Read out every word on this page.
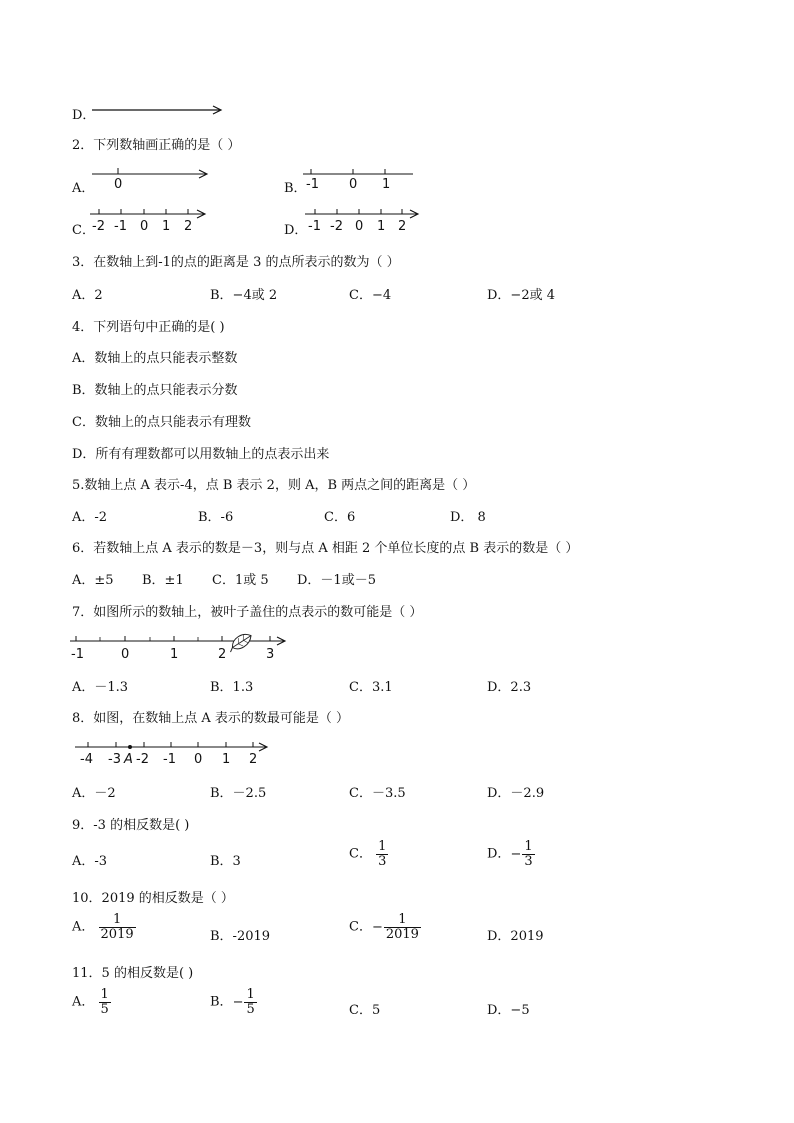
D．
2．下列数轴画正确的是（ ）
A． 0	B． -1 0 1
C．
-2 -1 0 1 2	D． -1 -2 0 1 2
3．在数轴上到-1的点的距离是 3 的点所表示的数为（ ）
A．2	B．−4或 2	C．−4	D．−2或 4
4．下列语句中正确的是( )
A．数轴上的点只能表示整数
B．数轴上的点只能表示分数
C．数轴上的点只能表示有理数
D．所有有理数都可以用数轴上的点表示出来
5.数轴上点 A 表示-4，点 B 表示 2，则 A，B 两点之间的距离是（ ）
A．-2	B．-6	C．6	D． 8
6．若数轴上点 A 表示的数是－3，则与点 A 相距 2 个单位长度的点 B 表示的数是（ ）
A．±5 B．±1 C．1或 5 D．－1或－5
7．如图所示的数轴上，被叶子盖住的点表示的数可能是（ ）
-1	0	1	2	3
A．－1.3	B．1.3	C．3.1	D．2.3
8．如图，在数轴上点 A 表示的数最可能是（ ）
-4 -3 A -2 -1 0 1 2
A．－2	B．－2.5	C．－3.5	D．－2.9
9．-3 的相反数是( )
A．-3	B．3	C． $\frac{1}{3}$	D．− $\frac{1}{3}$
10．2019 的相反数是（ ）
A． $\frac{1}{2019}$	B．-2019
C．− $\frac{1}{2019}$	D．2019
11．5 的相反数是( )
A． $\frac{1}{5}$	B．− $\frac{1}{5}$	C．5	D．−5
